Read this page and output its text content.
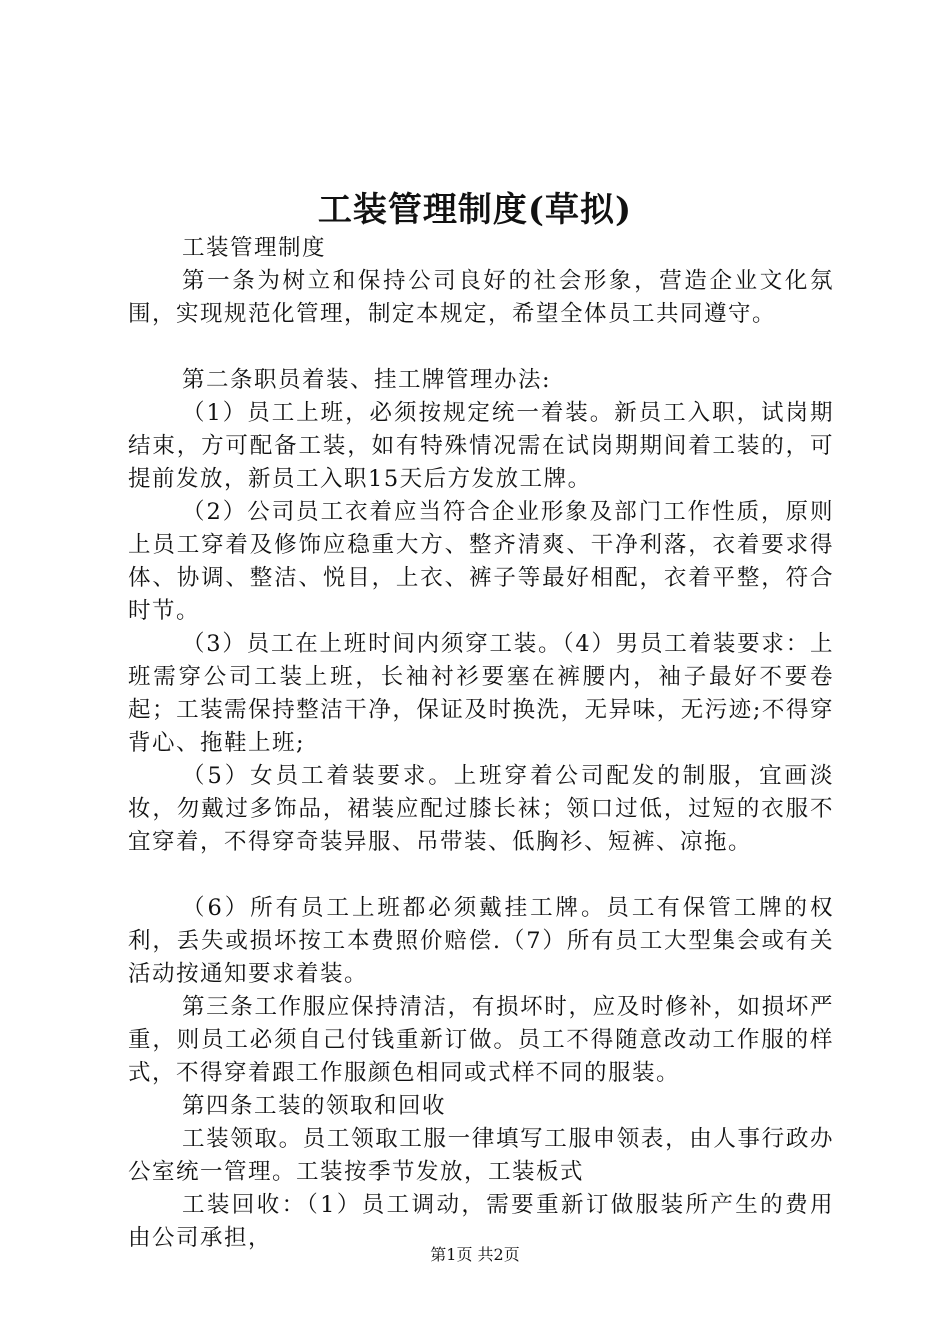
工装管理制度(草拟)

工装管理制度

第一条为树立和保持公司良好的社会形象，营造企业文化氛围，实现规范化管理，制定本规定，希望全体员工共同遵守。

第二条职员着装、挂工牌管理办法:

（1）员工上班，必须按规定统一着装。新员工入职，试岗期结束，方可配备工装，如有特殊情况需在试岗期期间着工装的，可提前发放，新员工入职15天后方发放工牌。

（2）公司员工衣着应当符合企业形象及部门工作性质，原则上员工穿着及修饰应稳重大方、整齐清爽、干净利落，衣着要求得体、协调、整洁、悦目，上衣、裤子等最好相配，衣着平整，符合时节。

（3）员工在上班时间内须穿工装。（4）男员工着装要求：上班需穿公司工装上班，长袖衬衫要塞在裤腰内，袖子最好不要卷起；工装需保持整洁干净，保证及时换洗，无异味，无污迹;不得穿背心、拖鞋上班;

（5）女员工着装要求。上班穿着公司配发的制服，宜画淡妆，勿戴过多饰品，裙装应配过膝长袜；领口过低，过短的衣服不宜穿着，不得穿奇装异服、吊带装、低胸衫、短裤、凉拖。

（6）所有员工上班都必须戴挂工牌。员工有保管工牌的权利，丢失或损坏按工本费照价赔偿.（7）所有员工大型集会或有关活动按通知要求着装。

第三条工作服应保持清洁，有损坏时，应及时修补，如损坏严重，则员工必须自己付钱重新订做。员工不得随意改动工作服的样式，不得穿着跟工作服颜色相同或式样不同的服装。

第四条工装的领取和回收

工装领取。员工领取工服一律填写工服申领表，由人事行政办公室统一管理。工装按季节发放，工装板式

工装回收：（1）员工调动，需要重新订做服装所产生的费用由公司承担，

第1页 共2页
